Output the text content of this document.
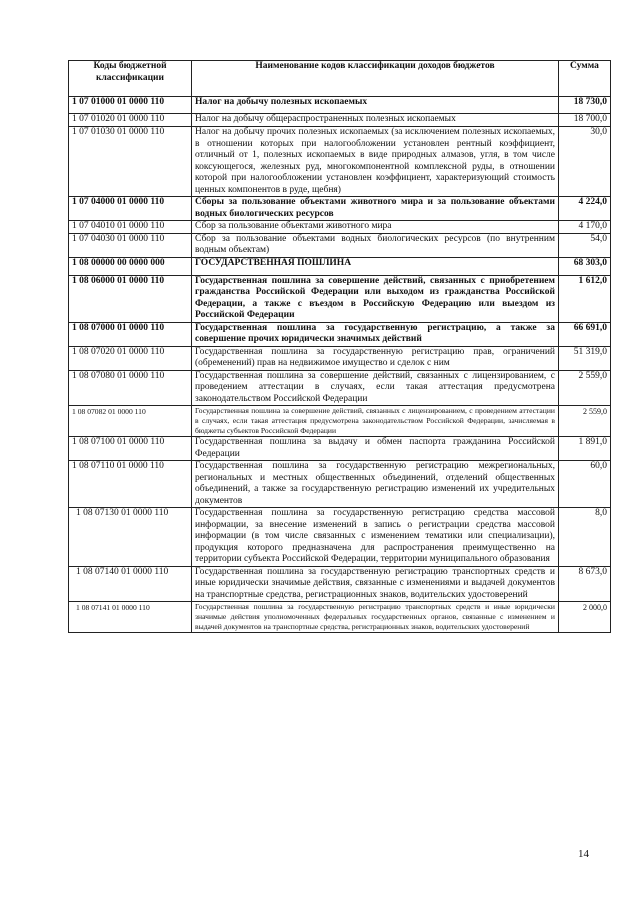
Коды бюджетной классификации	Наименование кодов классификации доходов бюджетов	Сумма
1 07 01000 01 0000 110	Налог на добычу полезных ископаемых	18 730,0
1 07 01020 01 0000 110	Налог на добычу общераспространенных полезных ископаемых	18 700,0
1 07 01030 01 0000 110	Налог на добычу прочих полезных ископаемых (за исключением полезных ископаемых, в отношении которых при налогообложении установлен рентный коэффициент, отличный от 1, полезных ископаемых в виде природных алмазов, угля, в том числе коксующегося, железных руд, многокомпонентной комплексной руды, в отношении которой при налогообложении установлен коэффициент, характеризующий стоимость ценных компонентов в руде, щебня)	30,0
1 07 04000 01 0000 110	Сборы за пользование объектами животного мира и за пользование объектами водных биологических ресурсов	4 224,0
1 07 04010 01 0000 110	Сбор за пользование объектами животного мира	4 170,0
1 07 04030 01 0000 110	Сбор за пользование объектами водных биологических ресурсов (по внутренним водным объектам)	54,0
1 08 00000 00 0000 000	ГОСУДАРСТВЕННАЯ ПОШЛИНА	68 303,0
1 08 06000 01 0000 110	Государственная пошлина за совершение действий, связанных с приобретением гражданства Российской Федерации или выходом из гражданства Российской Федерации, а также с въездом в Российскую Федерацию или выездом из Российской Федерации	1 612,0
1 08 07000 01 0000 110	Государственная пошлина за государственную регистрацию, а также за совершение прочих юридически значимых действий	66 691,0
1 08 07020 01 0000 110	Государственная пошлина за государственную регистрацию прав, ограничений (обременений) прав на недвижимое имущество и сделок с ним	51 319,0
1 08 07080 01 0000 110	Государственная пошлина за совершение действий, связанных с лицензированием, с проведением аттестации в случаях, если такая аттестация предусмотрена законодательством Российской Федерации	2 559,0
1 08 07082 01 0000 110	Государственная пошлина за совершение действий, связанных с лицензированием, с проведением аттестации в случаях, если такая аттестация предусмотрена законодательством Российской Федерации, зачисляемая в бюджеты субъектов Российской Федерации	2 559,0
1 08 07100 01 0000 110	Государственная пошлина за выдачу и обмен паспорта гражданина Российской Федерации	1 891,0
1 08 07110 01 0000 110	Государственная пошлина за государственную регистрацию межрегиональных, региональных и местных общественных объединений, отделений общественных объединений, а также за государственную регистрацию изменений их учредительных документов	60,0
1 08 07130 01 0000 110	Государственная пошлина за государственную регистрацию средства массовой информации, за внесение изменений в запись о регистрации средства массовой информации (в том числе связанных с изменением тематики или специализации), продукция которого предназначена для распространения преимущественно на территории субъекта Российской Федерации, территории муниципального образования	8,0
1 08 07140 01 0000 110	Государственная пошлина за государственную регистрацию транспортных средств и иные юридически значимые действия, связанные с изменениями и выдачей документов на транспортные средства, регистрационных знаков, водительских удостоверений	8 673,0
1 08 07141 01 0000 110	Государственная пошлина за государственную регистрацию транспортных средств и иные юридически значимые действия уполномоченных федеральных государственных органов, связанные с изменением и выдачей документов на транспортные средства, регистрационных знаков, водительских удостоверений	2 000,0
14
